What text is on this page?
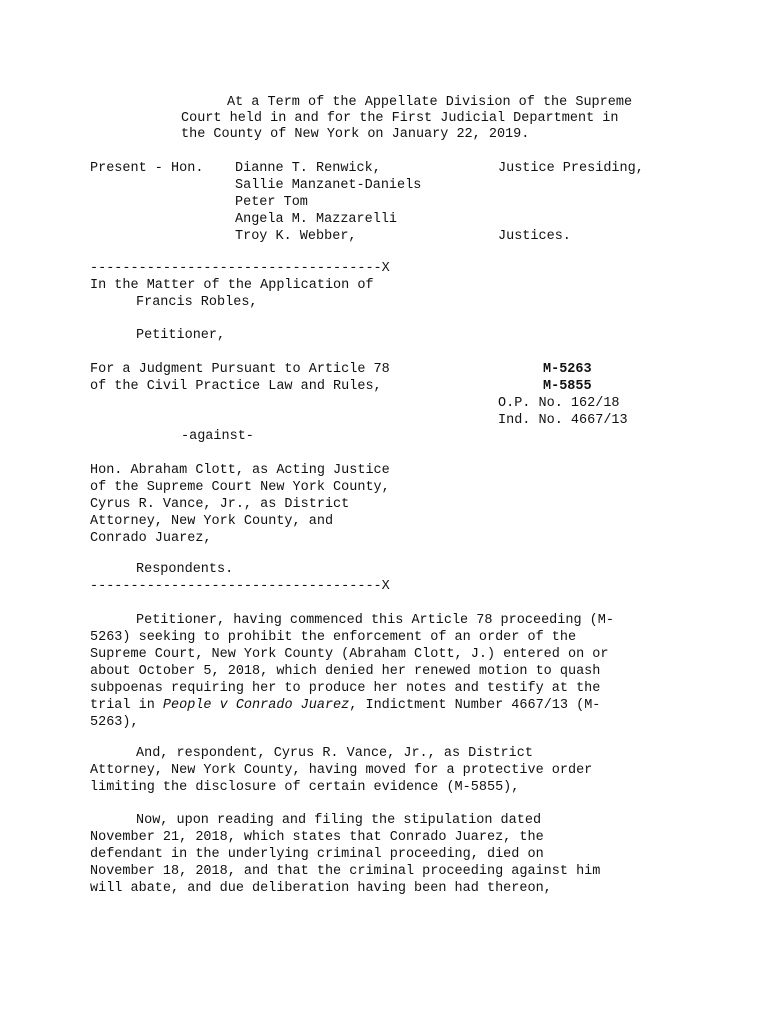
At a Term of the Appellate Division of the Supreme
Court held in and for the First Judicial Department in
the County of New York on January 22, 2019.
Present - Hon. Dianne T. Renwick,
Sallie Manzanet-Daniels
Peter Tom
Angela M. Mazzarelli
Troy K. Webber,
Justice Presiding,
Justices.
------------------------------------X
In the Matter of the Application of
Francis Robles,
Petitioner,
For a Judgment Pursuant to Article 78
of the Civil Practice Law and Rules,
M-5263
M-5855
O.P. No. 162/18
Ind. No. 4667/13
-against-
Hon. Abraham Clott, as Acting Justice
of the Supreme Court New York County,
Cyrus R. Vance, Jr., as District
Attorney, New York County, and
Conrado Juarez,
Respondents.
------------------------------------X
Petitioner, having commenced this Article 78 proceeding (M-
5263) seeking to prohibit the enforcement of an order of the
Supreme Court, New York County (Abraham Clott, J.) entered on or
about October 5, 2018, which denied her renewed motion to quash
subpoenas requiring her to produce her notes and testify at the
trial in People v Conrado Juarez, Indictment Number 4667/13 (M-
5263),
And, respondent, Cyrus R. Vance, Jr., as District
Attorney, New York County, having moved for a protective order
limiting the disclosure of certain evidence (M-5855),
Now, upon reading and filing the stipulation dated
November 21, 2018, which states that Conrado Juarez, the
defendant in the underlying criminal proceeding, died on
November 18, 2018, and that the criminal proceeding against him
will abate, and due deliberation having been had thereon,
